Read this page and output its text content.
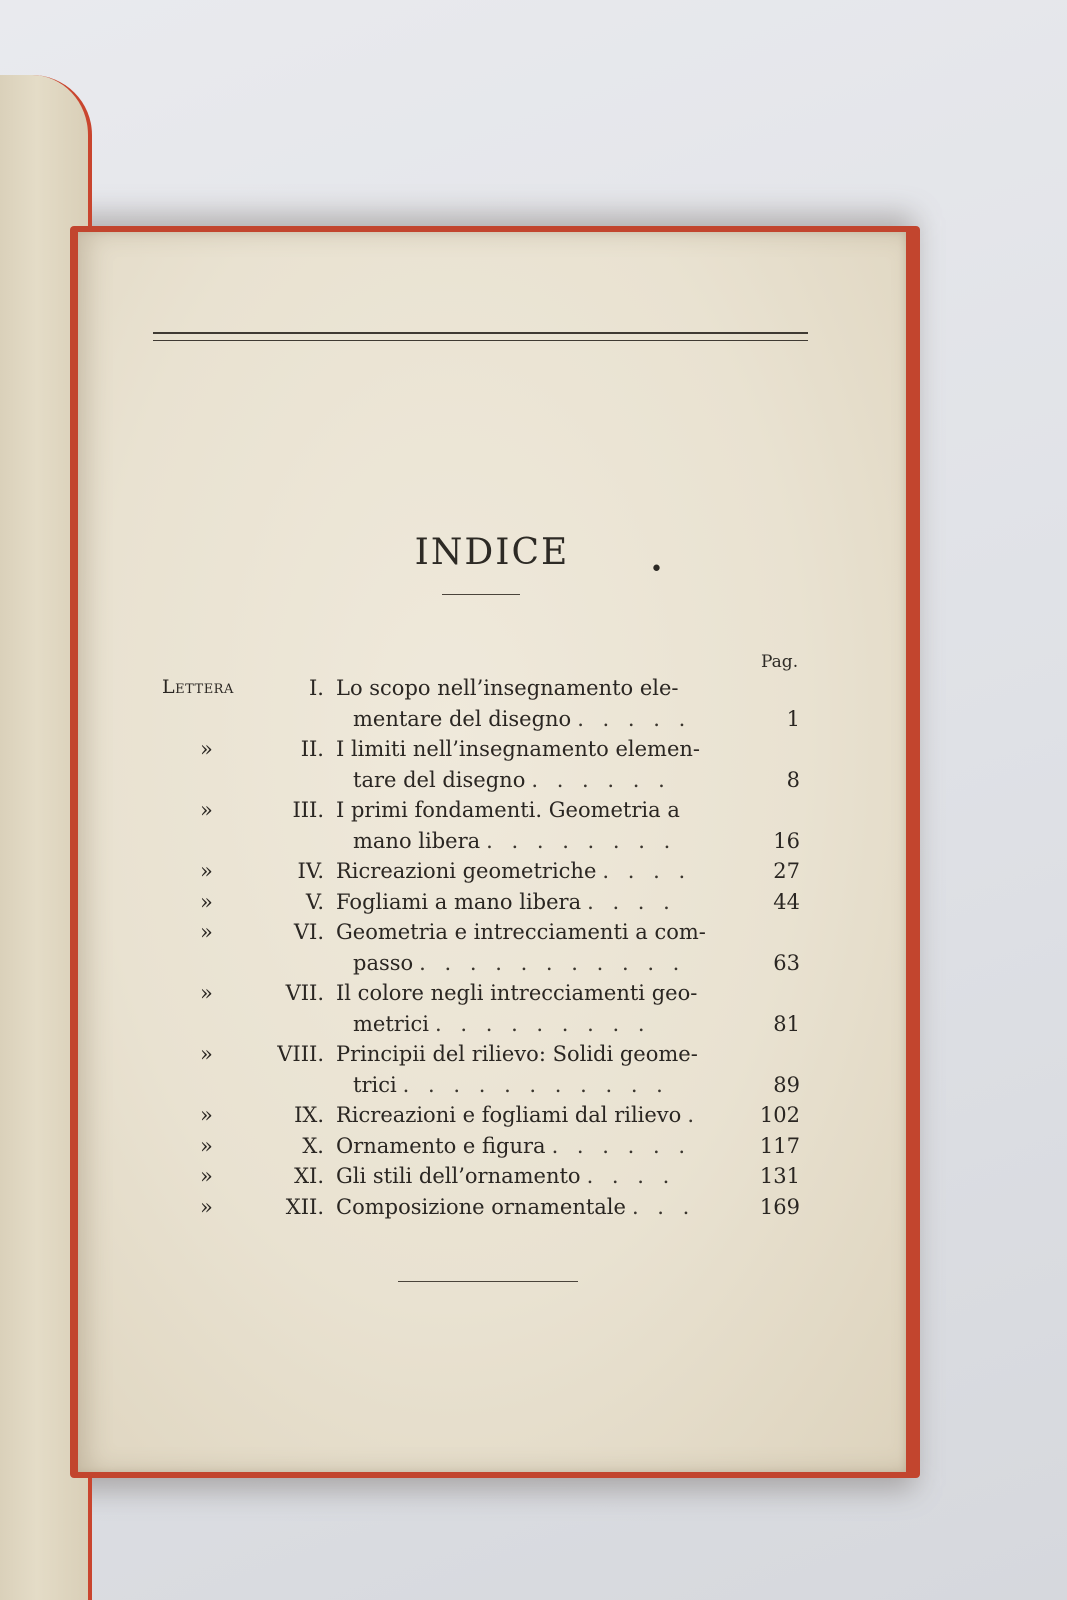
INDICE	•
Pag.
Lettera	I. Lo scopo nell’insegnamento ele-
mentare del disegno . . . . .	1
»	II. I limiti nell’insegnamento elemen-
tare del disegno . . . . . .	8
»	III. I primi fondamenti. Geometria a
mano libera . . . . . . . .	16
»	IV. Ricreazioni geometriche . . . .	27
»	V. Fogliami a mano libera . . . .	44
»	VI. Geometria e intrecciamenti a com-
passo . . . . . . . . . . .	63
»	VII. Il colore negli intrecciamenti geo-
metrici . . . . . . . . .	81
»	VIII. Principii del rilievo: Solidi geome-
trici . . . . . . . . . . .	89
»	IX. Ricreazioni e fogliami dal rilievo .	102
»	X. Ornamento e figura . . . . . .	117
»	XI. Gli stili dell’ornamento . . . .	131
»	XII. Composizione ornamentale . . .	169
